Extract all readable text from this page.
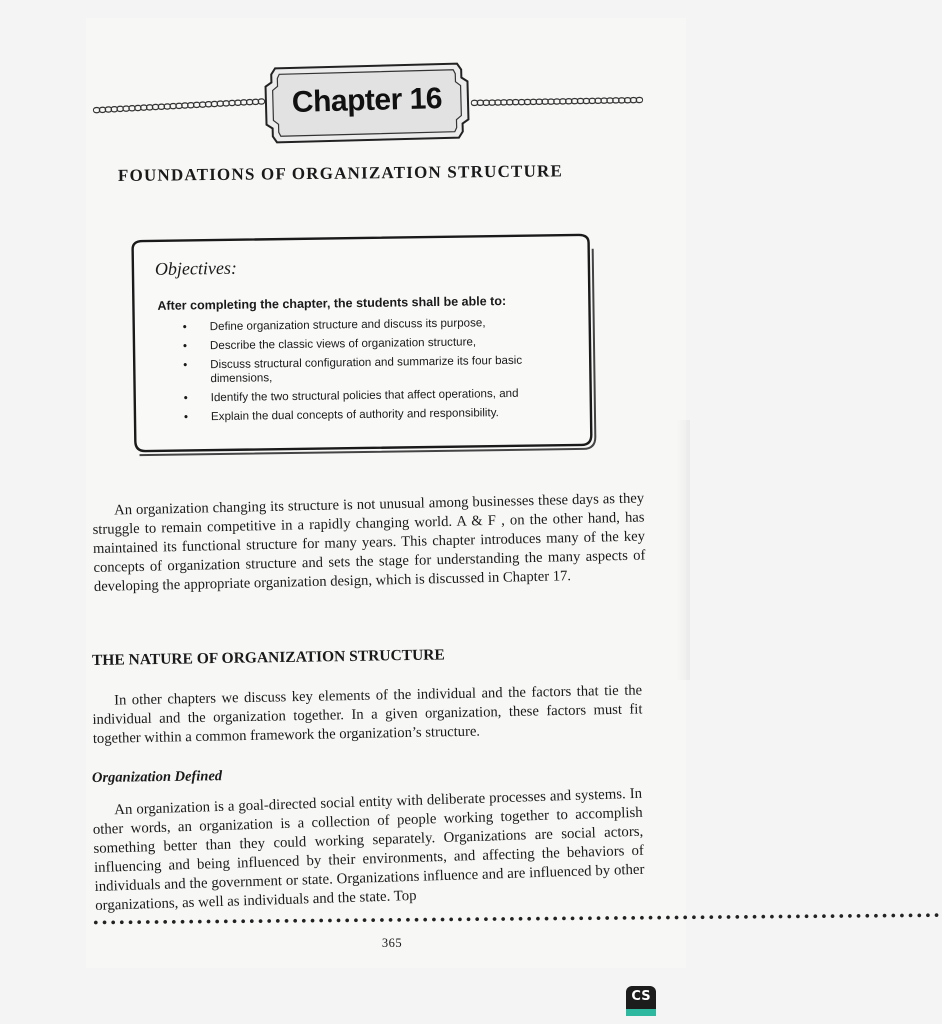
ᴑᴑᴑᴑᴑᴑᴑᴑᴑᴑᴑᴑᴑᴑᴑᴑᴑᴑᴑᴑᴑᴑᴑᴑᴑᴑᴑᴑᴑ	ᴑᴑᴑᴑᴑᴑᴑᴑᴑᴑᴑᴑᴑᴑᴑᴑᴑᴑᴑᴑᴑᴑᴑᴑᴑᴑᴑᴑᴑ
Chapter 16
FOUNDATIONS OF ORGANIZATION STRUCTURE
Objectives:
After completing the chapter, the students shall be able to:
• Define organization structure and discuss its purpose,
• Describe the classic views of organization structure,
• Discuss structural configuration and summarize its four basic dimensions,
• Identify the two structural policies that affect operations, and
• Explain the dual concepts of authority and responsibility.
An organization changing its structure is not unusual among businesses these days as they struggle to remain competitive in a rapidly changing world. A & F , on the other hand, has maintained its functional structure for many years. This chapter introduces many of the key concepts of organization structure and sets the stage for understanding the many aspects of developing the appropriate organization design, which is discussed in Chapter 17.
THE NATURE OF ORGANIZATION STRUCTURE
In other chapters we discuss key elements of the individual and the factors that tie the individual and the organization together. In a given organization, these factors must fit together within a common framework the organization’s structure.
Organization Defined
An organization is a goal-directed social entity with deliberate processes and systems. In other words, an organization is a collection of people working together to accomplish something better than they could working separately. Organizations are social actors, influencing and being influenced by their environments, and affecting the behaviors of individuals and the government or state. Organizations influence and are influenced by other organizations, as well as individuals and the state. Top
••••••••••••••••••••••••••••••••••••••••••••••••••••••••••••••••••••••••••••••••••••••••••••••••••
365
CS
